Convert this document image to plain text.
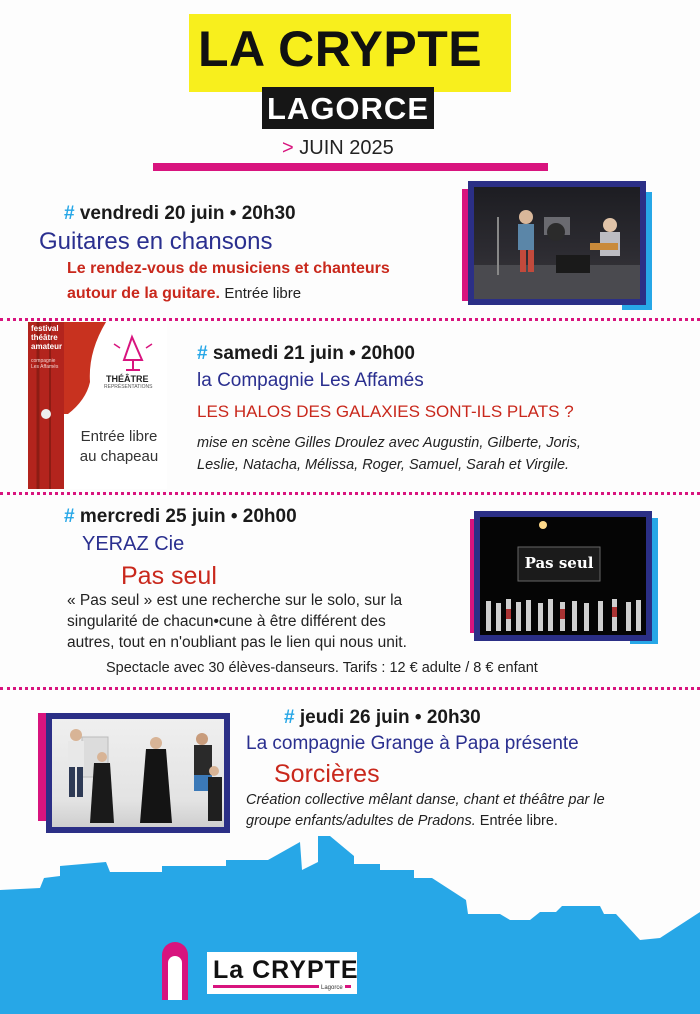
LA CRYPTE
LAGORCE
> JUIN 2025
# vendredi 20 juin • 20h30
Guitares en chansons
Le rendez-vous de musiciens et chanteurs
autour de la guitare. Entrée libre
festival théâtre amateur
compagnie Les Affamés
THÉÂTRE
REPRÉSENTATIONS
Entrée libre
au chapeau
# samedi 21 juin • 20h00
la Compagnie Les Affamés
LES HALOS DES GALAXIES SONT-ILS PLATS ?
mise en scène Gilles Droulez avec Augustin, Gilberte, Joris,
Leslie, Natacha, Mélissa, Roger, Samuel, Sarah et Virgile.
Pas seul
# mercredi 25 juin • 20h00
YERAZ Cie
Pas seul
« Pas seul » est une recherche sur le solo, sur la
singularité de chacun•cune à être différent des
autres, tout en n'oubliant pas le lien qui nous unit.
Spectacle avec 30 élèves-danseurs. Tarifs : 12 € adulte / 8 € enfant
# jeudi 26 juin • 20h30
La compagnie Grange à Papa présente
Sorcières
Création collective mêlant danse, chant et théâtre par le
groupe enfants/adultes de Pradons. Entrée libre.
La CRYPTE
Lagorce
